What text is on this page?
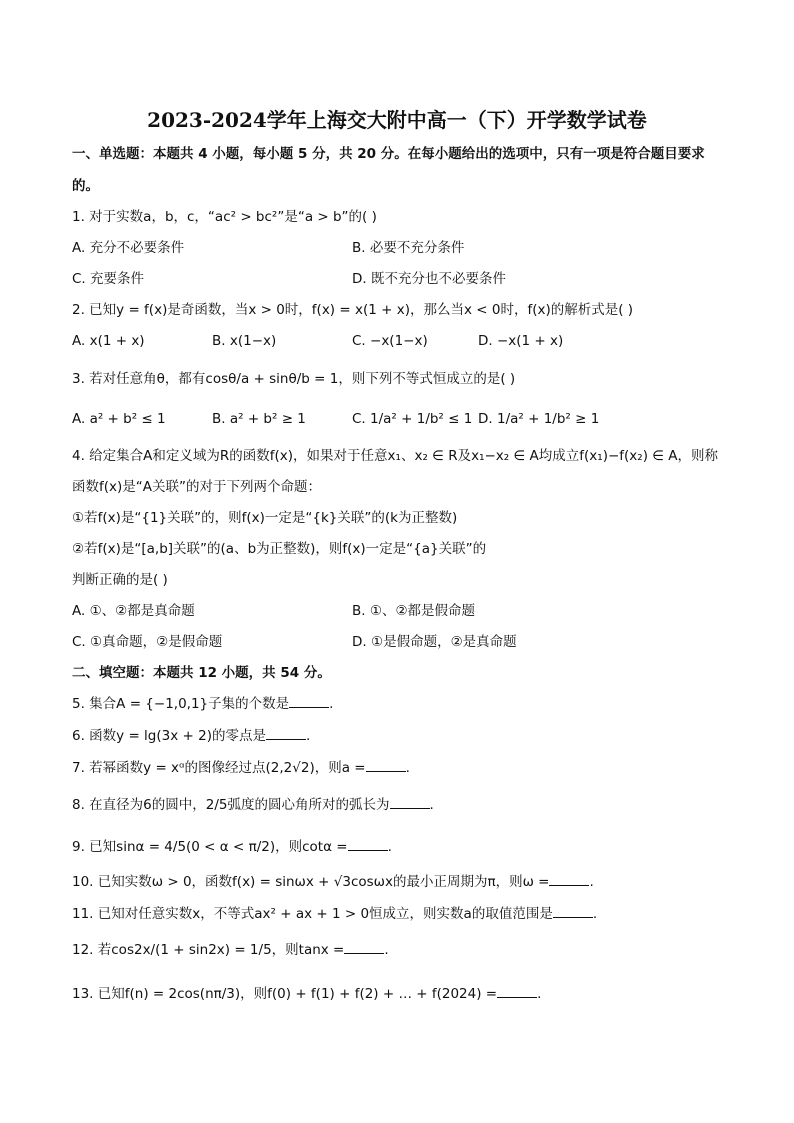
2023-2024学年上海交大附中高一（下）开学数学试卷
一、单选题：本题共 4 小题，每小题 5 分，共 20 分。在每小题给出的选项中，只有一项是符合题目要求
的。
1. 对于实数a，b，c，“ac² > bc²”是“a > b”的( )
A. 充分不必要条件	B. 必要不充分条件
C. 充要条件	D. 既不充分也不必要条件
2. 已知y = f(x)是奇函数，当x > 0时，f(x) = x(1 + x)，那么当x < 0时，f(x)的解析式是( )
A. x(1 + x)	B. x(1−x)	C. −x(1−x)	D. −x(1 + x)
3. 若对任意角θ，都有cosθ/a + sinθ/b = 1，则下列不等式恒成立的是( )
A. a² + b² ≤ 1	B. a² + b² ≥ 1	C. 1/a² + 1/b² ≤ 1 D. 1/a² + 1/b² ≥ 1
4. 给定集合A和定义域为R的函数f(x)，如果对于任意x₁、x₂ ∈ R及x₁−x₂ ∈ A均成立f(x₁)−f(x₂) ∈ A，则称
函数f(x)是“A关联”的对于下列两个命题：
①若f(x)是“{1}关联”的，则f(x)一定是“{k}关联”的(k为正整数)
②若f(x)是“[a,b]关联”的(a、b为正整数)，则f(x)一定是“{a}关联”的
判断正确的是( )
A. ①、②都是真命题	B. ①、②都是假命题
C. ①真命题，②是假命题	D. ①是假命题，②是真命题
二、填空题：本题共 12 小题，共 54 分。
5. 集合A = {−1,0,1}子集的个数是	.
6. 函数y = lg(3x + 2)的零点是	.
7. 若幂函数y = xᵅ的图像经过点(2,2√2)，则a =	.
8. 在直径为6的圆中，2/5弧度的圆心角所对的弧长为	.
9. 已知sinα = 4/5(0 < α < π/2)，则cotα =	.
10. 已知实数ω > 0，函数f(x) = sinωx + √3cosωx的最小正周期为π，则ω =	.
11. 已知对任意实数x，不等式ax² + ax + 1 > 0恒成立，则实数a的取值范围是	.
12. 若cos2x/(1 + sin2x) = 1/5，则tanx =	.
13. 已知f(n) = 2cos(nπ/3)，则f(0) + f(1) + f(2) + … + f(2024) =	.
